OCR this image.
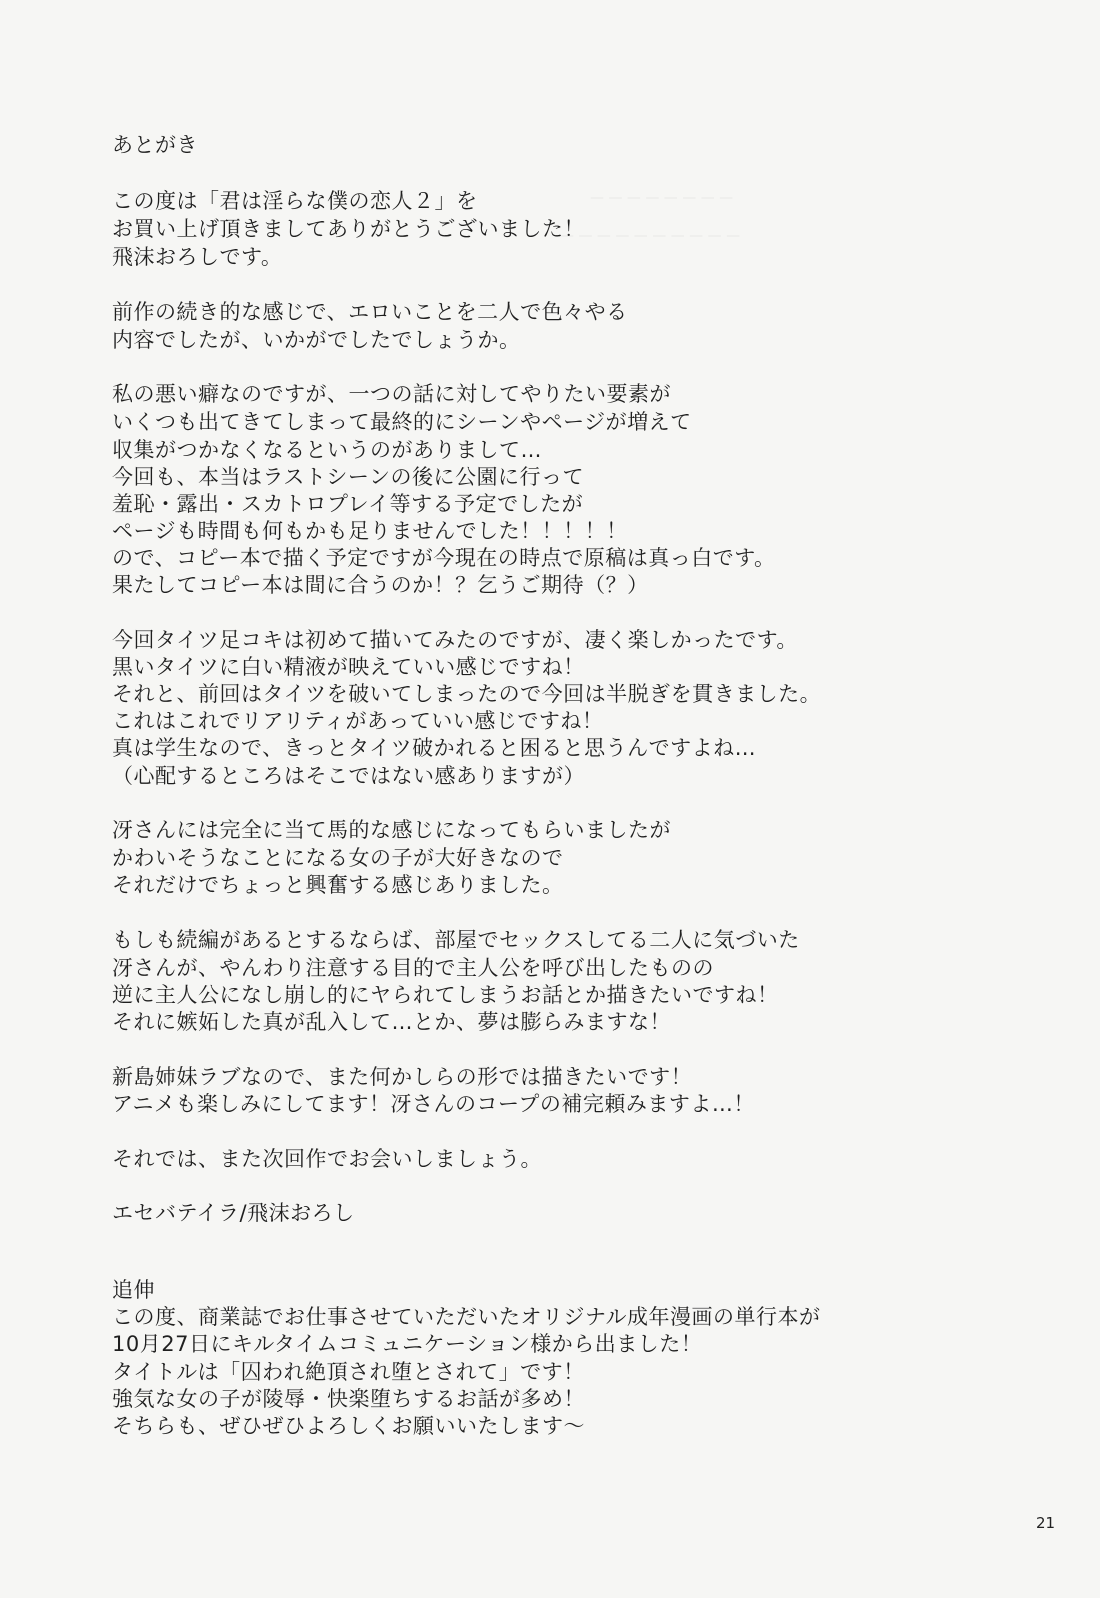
— — — — — — — —
— — — — — — — — — —
あとがき
この度は「君は淫らな僕の恋人２」を
お買い上げ頂きましてありがとうございました！
飛沫おろしです。
前作の続き的な感じで、エロいことを二人で色々やる
内容でしたが、いかがでしたでしょうか。
私の悪い癖なのですが、一つの話に対してやりたい要素が
いくつも出てきてしまって最終的にシーンやページが増えて
収集がつかなくなるというのがありまして…
今回も、本当はラストシーンの後に公園に行って
羞恥・露出・スカトロプレイ等する予定でしたが
ページも時間も何もかも足りませんでした！！！！！
ので、コピー本で描く予定ですが今現在の時点で原稿は真っ白です。
果たしてコピー本は間に合うのか！？乞うご期待（？）
今回タイツ足コキは初めて描いてみたのですが、凄く楽しかったです。
黒いタイツに白い精液が映えていい感じですね！
それと、前回はタイツを破いてしまったので今回は半脱ぎを貫きました。
これはこれでリアリティがあっていい感じですね！
真は学生なので、きっとタイツ破かれると困ると思うんですよね…
（心配するところはそこではない感ありますが）
冴さんには完全に当て馬的な感じになってもらいましたが
かわいそうなことになる女の子が大好きなので
それだけでちょっと興奮する感じありました。
もしも続編があるとするならば、部屋でセックスしてる二人に気づいた
冴さんが、やんわり注意する目的で主人公を呼び出したものの
逆に主人公になし崩し的にヤられてしまうお話とか描きたいですね！
それに嫉妬した真が乱入して…とか、夢は膨らみますな！
新島姉妹ラブなので、また何かしらの形では描きたいです！
アニメも楽しみにしてます！冴さんのコープの補完頼みますよ…！
それでは、また次回作でお会いしましょう。
エセバテイラ/飛沫おろし
追伸
この度、商業誌でお仕事させていただいたオリジナル成年漫画の単行本が
10月27日にキルタイムコミュニケーション様から出ました！
タイトルは「囚われ絶頂され堕とされて」です！
強気な女の子が陵辱・快楽堕ちするお話が多め！
そちらも、ぜひぜひよろしくお願いいたします～
21
